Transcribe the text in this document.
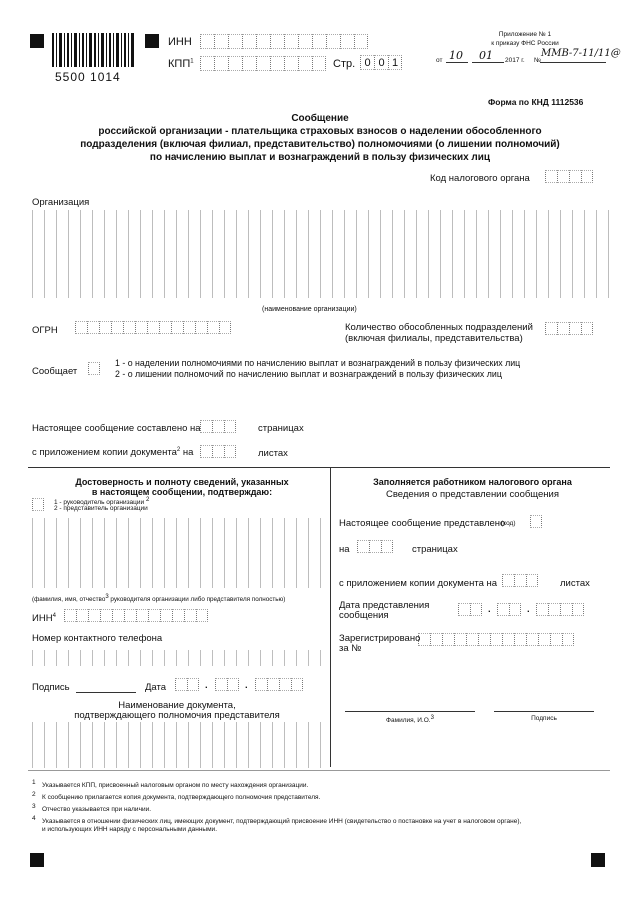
5500 1014
ИНН
КПП$^1$	Стр. 0 0 1
Приложение № 1
к приказу ФНС России
от 10 01 2017 г. №
ММВ-7-11/11@
Форма по КНД 1112536
Сообщение
российской организации - плательщика страховых взносов о наделении обособленного
подразделения (включая филиал, представительство) полномочиями (о лишении полномочий)
по начислению выплат и вознаграждений в пользу физических лиц
Код налогового органа
Организация
(наименование организации)
ОГРН	Количество обособленных подразделений
(включая филиалы, представительства)
Сообщает
1 - о наделении полномочиями по начислению выплат и вознаграждений в пользу физических лиц
2 - о лишении полномочий по начислению выплат и вознаграждений в пользу физических лиц
Настоящее сообщение составлено на	страницах
с приложением копии документа$^2$ на	листах
Достоверность и полноту сведений, указанных
в настоящем сообщении, подтверждаю:
1 - руководитель организации 2
2 - представитель организации
(фамилия, имя, отчество3 руководителя организации либо представителя полностью)
ИНН$^4$
Номер контактного телефона
Подпись	Дата	.	.
Наименование документа,
подтверждающего полномочия представителя
Заполняется работником налогового органа
Сведения о представлении сообщения
Настоящее сообщение представлено
(код)
на	страницах
с приложением копии документа на	листах
Дата представления
сообщения
.	.
Зарегистрировано
за №
Фамилия, И.О.3	Подпись
1 Указывается КПП, присвоенный налоговым органом по месту нахождения организации.
2 К сообщению прилагается копия документа, подтверждающего полномочия представителя.
3 Отчество указывается при наличии.
4 Указывается в отношении физических лиц, имеющих документ, подтверждающий присвоение ИНН (свидетельство о постановке на учет в налоговом органе),
и использующих ИНН наряду с персональными данными.
